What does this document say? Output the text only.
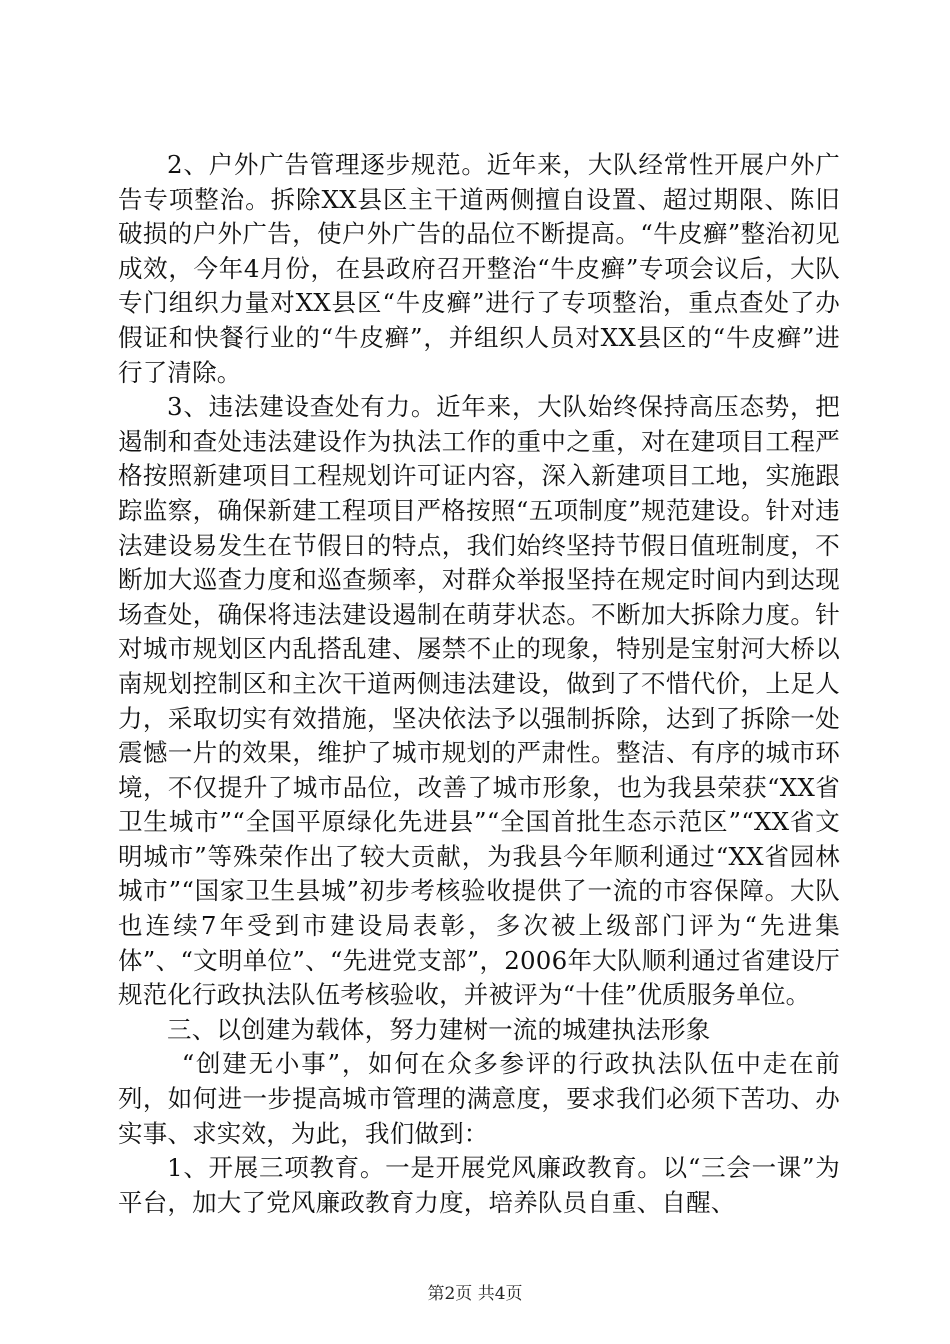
2、户外广告管理逐步规范。近年来，大队经常性开展户外广告专项整治。拆除XX县区主干道两侧擅自设置、超过期限、陈旧破损的户外广告，使户外广告的品位不断提高。“牛皮癣”整治初见成效，今年4月份，在县政府召开整治“牛皮癣”专项会议后，大队专门组织力量对XX县区“牛皮癣”进行了专项整治，重点查处了办假证和快餐行业的“牛皮癣”，并组织人员对XX县区的“牛皮癣”进行了清除。

3、违法建设查处有力。近年来，大队始终保持高压态势，把遏制和查处违法建设作为执法工作的重中之重，对在建项目工程严格按照新建项目工程规划许可证内容，深入新建项目工地，实施跟踪监察，确保新建工程项目严格按照“五项制度”规范建设。针对违法建设易发生在节假日的特点，我们始终坚持节假日值班制度，不断加大巡查力度和巡查频率，对群众举报坚持在规定时间内到达现场查处，确保将违法建设遏制在萌芽状态。不断加大拆除力度。针对城市规划区内乱搭乱建、屡禁不止的现象，特别是宝射河大桥以南规划控制区和主次干道两侧违法建设，做到了不惜代价，上足人力，采取切实有效措施，坚决依法予以强制拆除，达到了拆除一处震憾一片的效果，维护了城市规划的严肃性。整洁、有序的城市环境，不仅提升了城市品位，改善了城市形象，也为我县荣获“XX省卫生城市”“全国平原绿化先进县”“全国首批生态示范区”“XX省文明城市”等殊荣作出了较大贡献，为我县今年顺利通过“XX省园林城市”“国家卫生县城”初步考核验收提供了一流的市容保障。大队也连续7年受到市建设局表彰，多次被上级部门评为“先进集体”、“文明单位”、“先进党支部”，2006年大队顺利通过省建设厅规范化行政执法队伍考核验收，并被评为“十佳”优质服务单位。

三、以创建为载体，努力建树一流的城建执法形象

“创建无小事”，如何在众多参评的行政执法队伍中走在前列，如何进一步提高城市管理的满意度，要求我们必须下苦功、办实事、求实效，为此，我们做到：

1、开展三项教育。一是开展党风廉政教育。以“三会一课”为平台，加大了党风廉政教育力度，培养队员自重、自醒、

第2页 共4页
